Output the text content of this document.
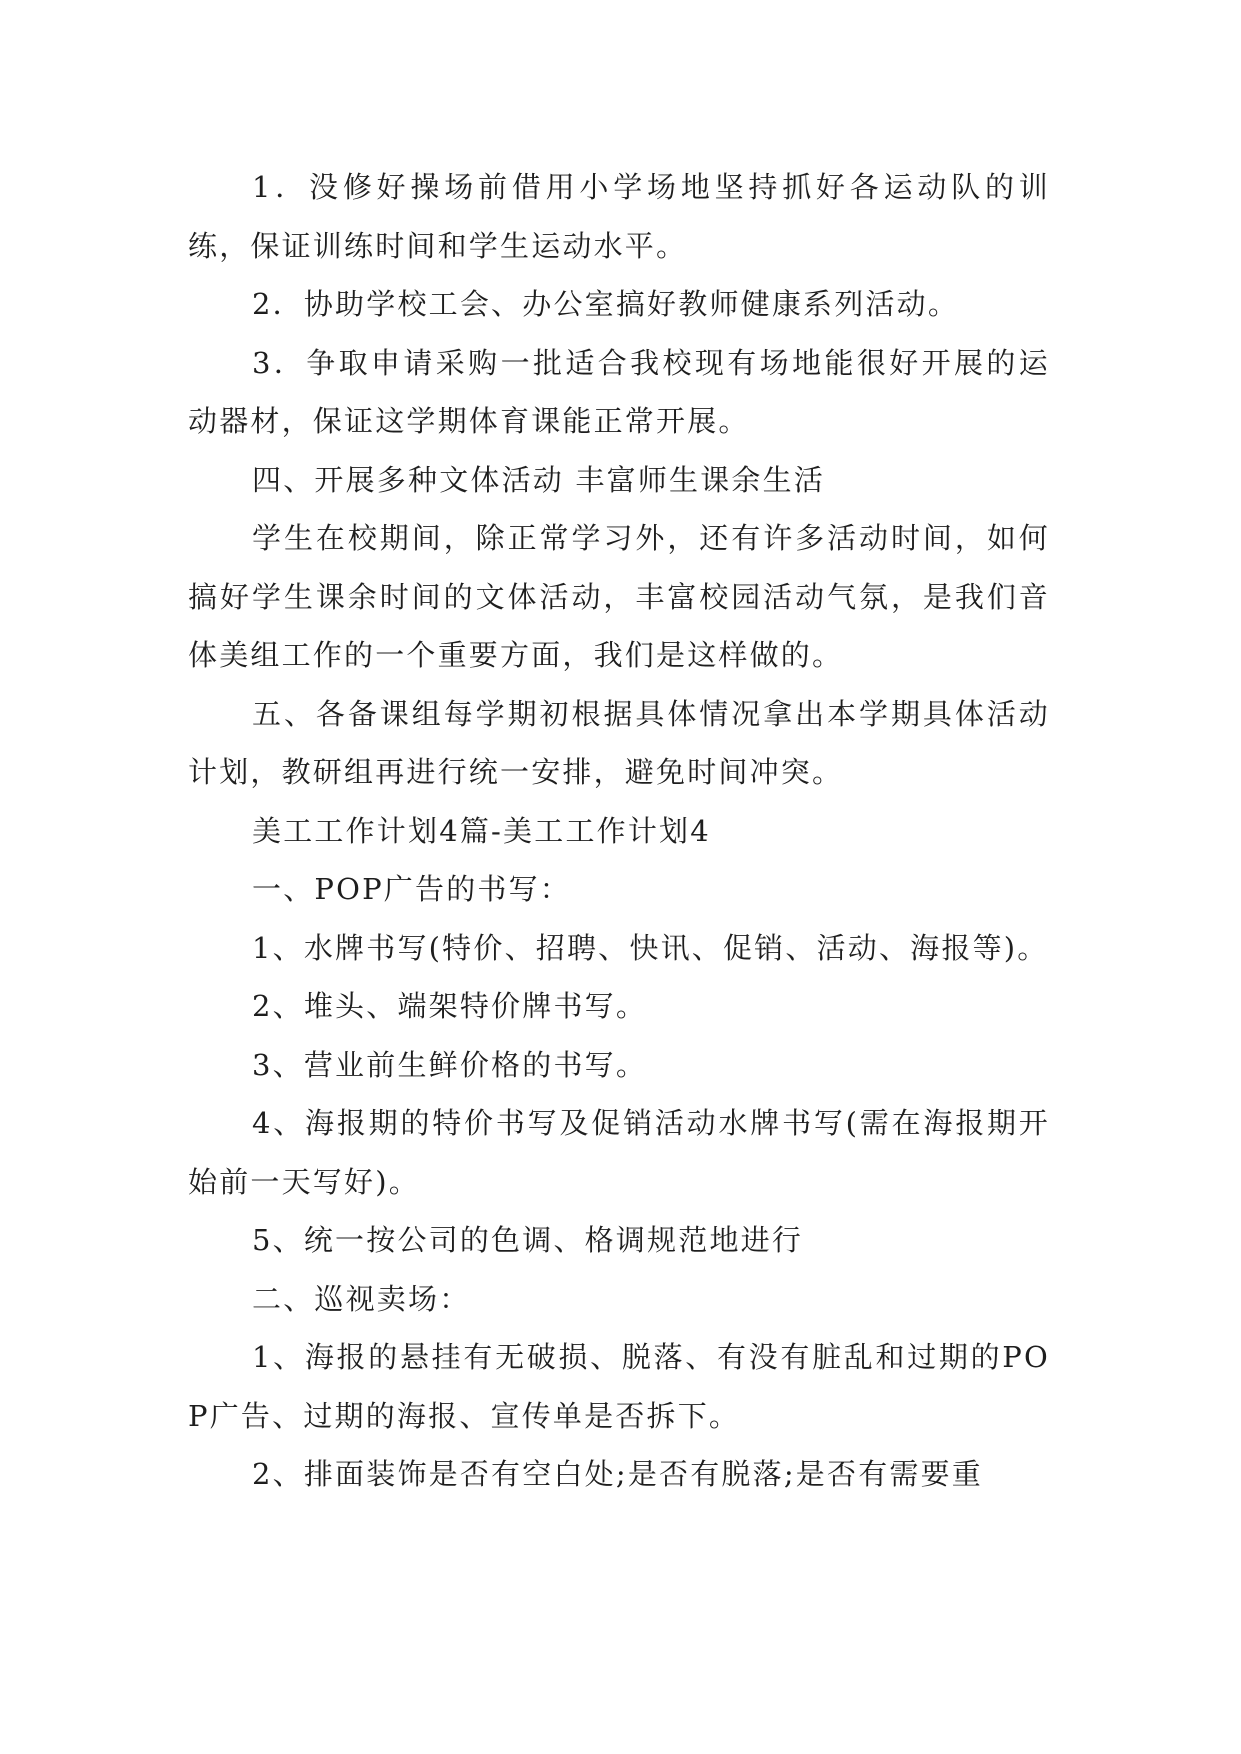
1．没修好操场前借用小学场地坚持抓好各运动队的训练，保证训练时间和学生运动水平。

2．协助学校工会、办公室搞好教师健康系列活动。

3．争取申请采购一批适合我校现有场地能很好开展的运动器材，保证这学期体育课能正常开展。

四、开展多种文体活动 丰富师生课余生活

学生在校期间，除正常学习外，还有许多活动时间，如何搞好学生课余时间的文体活动，丰富校园活动气氛，是我们音体美组工作的一个重要方面，我们是这样做的。

五、各备课组每学期初根据具体情况拿出本学期具体活动计划，教研组再进行统一安排，避免时间冲突。

美工工作计划4篇-美工工作计划4

一、POP广告的书写：

1、水牌书写(特价、招聘、快讯、促销、活动、海报等)。

2、堆头、端架特价牌书写。

3、营业前生鲜价格的书写。

4、海报期的特价书写及促销活动水牌书写(需在海报期开始前一天写好)。

5、统一按公司的色调、格调规范地进行

二、巡视卖场：

1、海报的悬挂有无破损、脱落、有没有脏乱和过期的POP广告、过期的海报、宣传单是否拆下。

2、排面装饰是否有空白处;是否有脱落;是否有需要重
